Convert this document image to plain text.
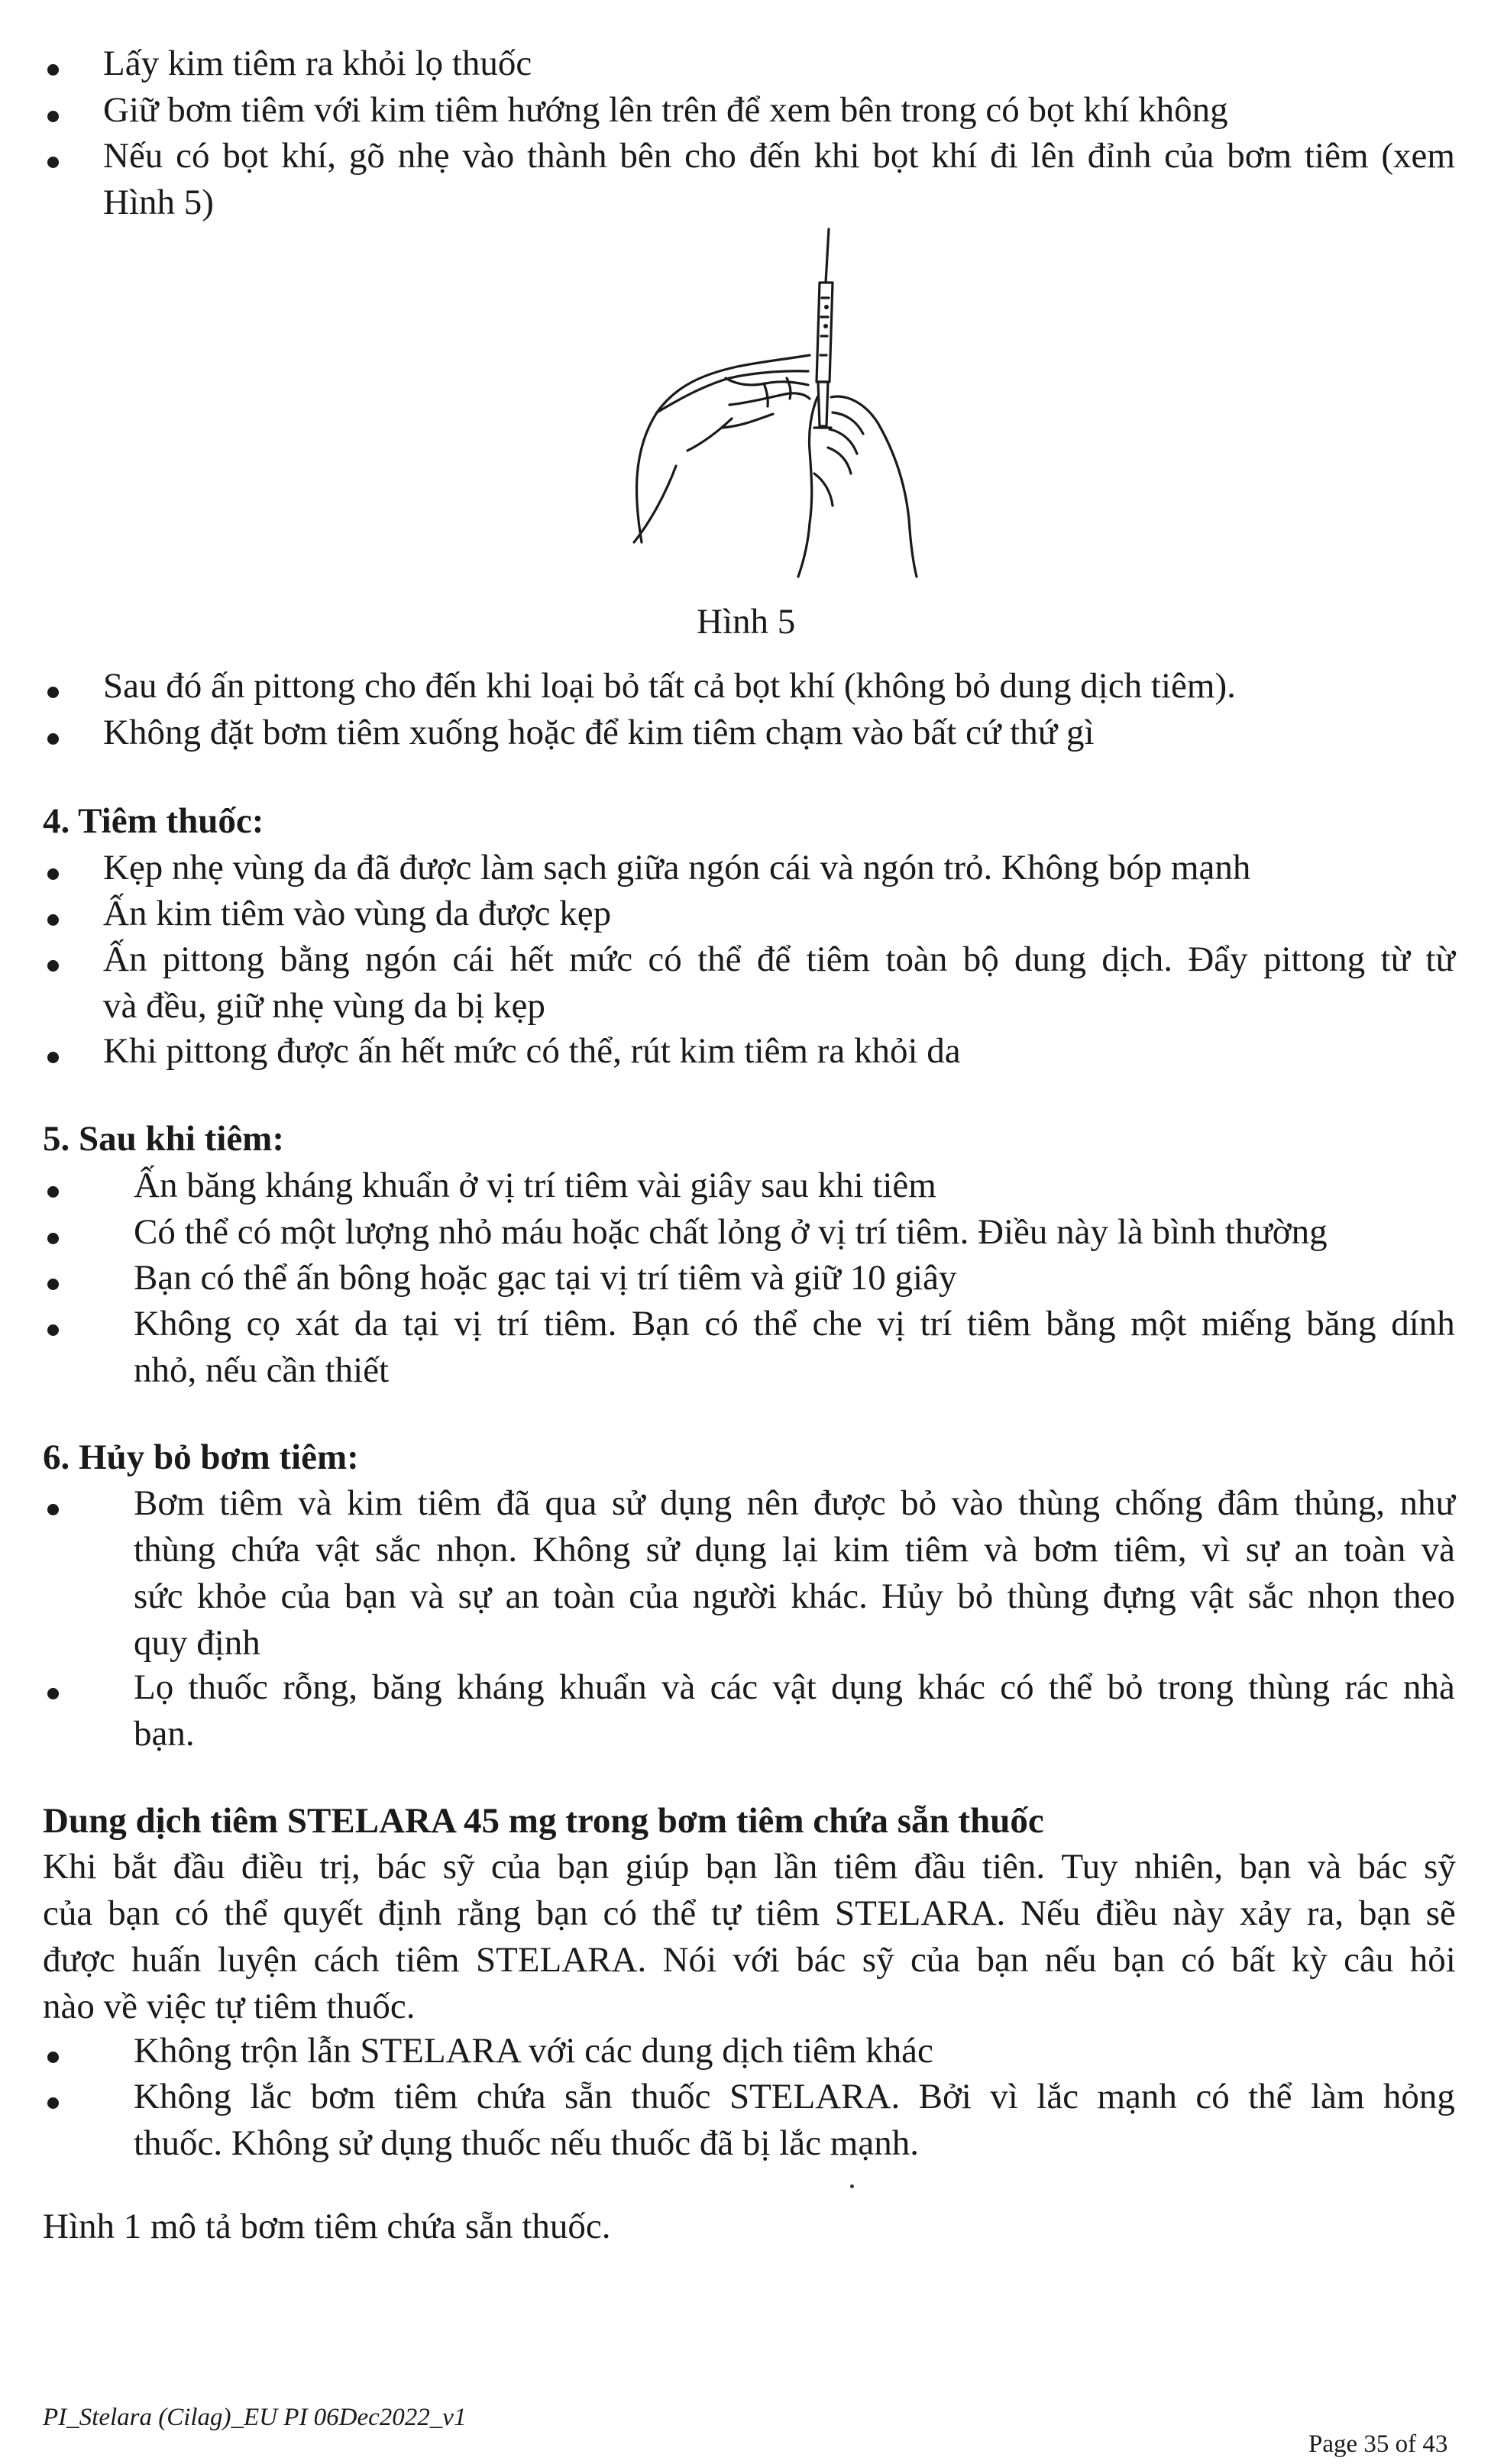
Lấy kim tiêm ra khỏi lọ thuốc
Giữ bơm tiêm với kim tiêm hướng lên trên để xem bên trong có bọt khí không
Nếu có bọt khí, gõ nhẹ vào thành bên cho đến khi bọt khí đi lên đỉnh của bơm tiêm (xem
Hình 5)
Hình 5
Sau đó ấn pittong cho đến khi loại bỏ tất cả bọt khí (không bỏ dung dịch tiêm).
Không đặt bơm tiêm xuống hoặc để kim tiêm chạm vào bất cứ thứ gì
4. Tiêm thuốc:
Kẹp nhẹ vùng da đã được làm sạch giữa ngón cái và ngón trỏ. Không bóp mạnh
Ấn kim tiêm vào vùng da được kẹp
Ấn pittong bằng ngón cái hết mức có thể để tiêm toàn bộ dung dịch. Đẩy pittong từ từ
và đều, giữ nhẹ vùng da bị kẹp
Khi pittong được ấn hết mức có thể, rút kim tiêm ra khỏi da
5. Sau khi tiêm:
Ấn băng kháng khuẩn ở vị trí tiêm vài giây sau khi tiêm
Có thể có một lượng nhỏ máu hoặc chất lỏng ở vị trí tiêm. Điều này là bình thường
Bạn có thể ấn bông hoặc gạc tại vị trí tiêm và giữ 10 giây
Không cọ xát da tại vị trí tiêm. Bạn có thể che vị trí tiêm bằng một miếng băng dính
nhỏ, nếu cần thiết
6. Hủy bỏ bơm tiêm:
Bơm tiêm và kim tiêm đã qua sử dụng nên được bỏ vào thùng chống đâm thủng, như
thùng chứa vật sắc nhọn. Không sử dụng lại kim tiêm và bơm tiêm, vì sự an toàn và
sức khỏe của bạn và sự an toàn của người khác. Hủy bỏ thùng đựng vật sắc nhọn theo
quy định
Lọ thuốc rỗng, băng kháng khuẩn và các vật dụng khác có thể bỏ trong thùng rác nhà
bạn.
Dung dịch tiêm STELARA 45 mg trong bơm tiêm chứa sẵn thuốc
Khi bắt đầu điều trị, bác sỹ của bạn giúp bạn lần tiêm đầu tiên. Tuy nhiên, bạn và bác sỹ
của bạn có thể quyết định rằng bạn có thể tự tiêm STELARA. Nếu điều này xảy ra, bạn sẽ
được huấn luyện cách tiêm STELARA. Nói với bác sỹ của bạn nếu bạn có bất kỳ câu hỏi
nào về việc tự tiêm thuốc.
Không trộn lẫn STELARA với các dung dịch tiêm khác
Không lắc bơm tiêm chứa sẵn thuốc STELARA. Bởi vì lắc mạnh có thể làm hỏng
thuốc. Không sử dụng thuốc nếu thuốc đã bị lắc mạnh.
Hình 1 mô tả bơm tiêm chứa sẵn thuốc.
PI_Stelara (Cilag)_EU PI 06Dec2022_v1
Page 35 of 43
